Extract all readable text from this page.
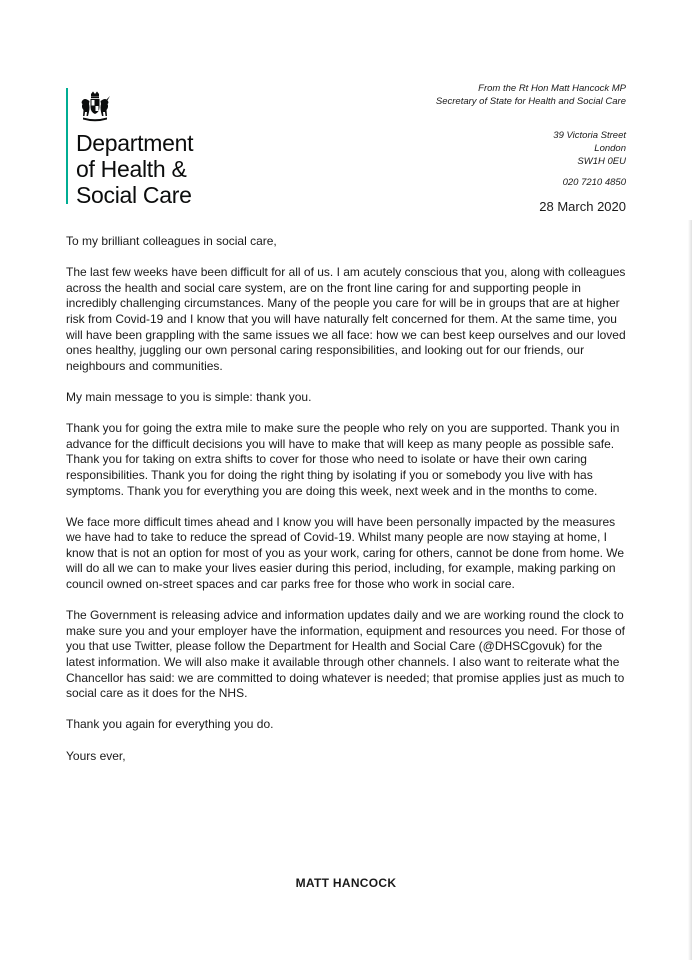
Department
of Health &
Social Care
From the Rt Hon Matt Hancock MP
Secretary of State for Health and Social Care
39 Victoria Street
London
SW1H 0EU
020 7210 4850
28 March 2020

To my brilliant colleagues in social care,

The last few weeks have been difficult for all of us. I am acutely conscious that you, along with colleagues across the health and social care system, are on the front line caring for and supporting people in incredibly challenging circumstances. Many of the people you care for will be in groups that are at higher risk from Covid-19 and I know that you will have naturally felt concerned for them. At the same time, you will have been grappling with the same issues we all face: how we can best keep ourselves and our loved ones healthy, juggling our own personal caring responsibilities, and looking out for our friends, our neighbours and communities.

My main message to you is simple: thank you.

Thank you for going the extra mile to make sure the people who rely on you are supported. Thank you in advance for the difficult decisions you will have to make that will keep as many people as possible safe. Thank you for taking on extra shifts to cover for those who need to isolate or have their own caring responsibilities. Thank you for doing the right thing by isolating if you or somebody you live with has symptoms. Thank you for everything you are doing this week, next week and in the months to come.

We face more difficult times ahead and I know you will have been personally impacted by the measures we have had to take to reduce the spread of Covid-19. Whilst many people are now staying at home, I know that is not an option for most of you as your work, caring for others, cannot be done from home. We will do all we can to make your lives easier during this period, including, for example, making parking on council owned on-street spaces and car parks free for those who work in social care.

The Government is releasing advice and information updates daily and we are working round the clock to make sure you and your employer have the information, equipment and resources you need. For those of you that use Twitter, please follow the Department for Health and Social Care (@DHSCgovuk) for the latest information. We will also make it available through other channels. I also want to reiterate what the Chancellor has said: we are committed to doing whatever is needed; that promise applies just as much to social care as it does for the NHS.

Thank you again for everything you do.

Yours ever,

MATT HANCOCK
